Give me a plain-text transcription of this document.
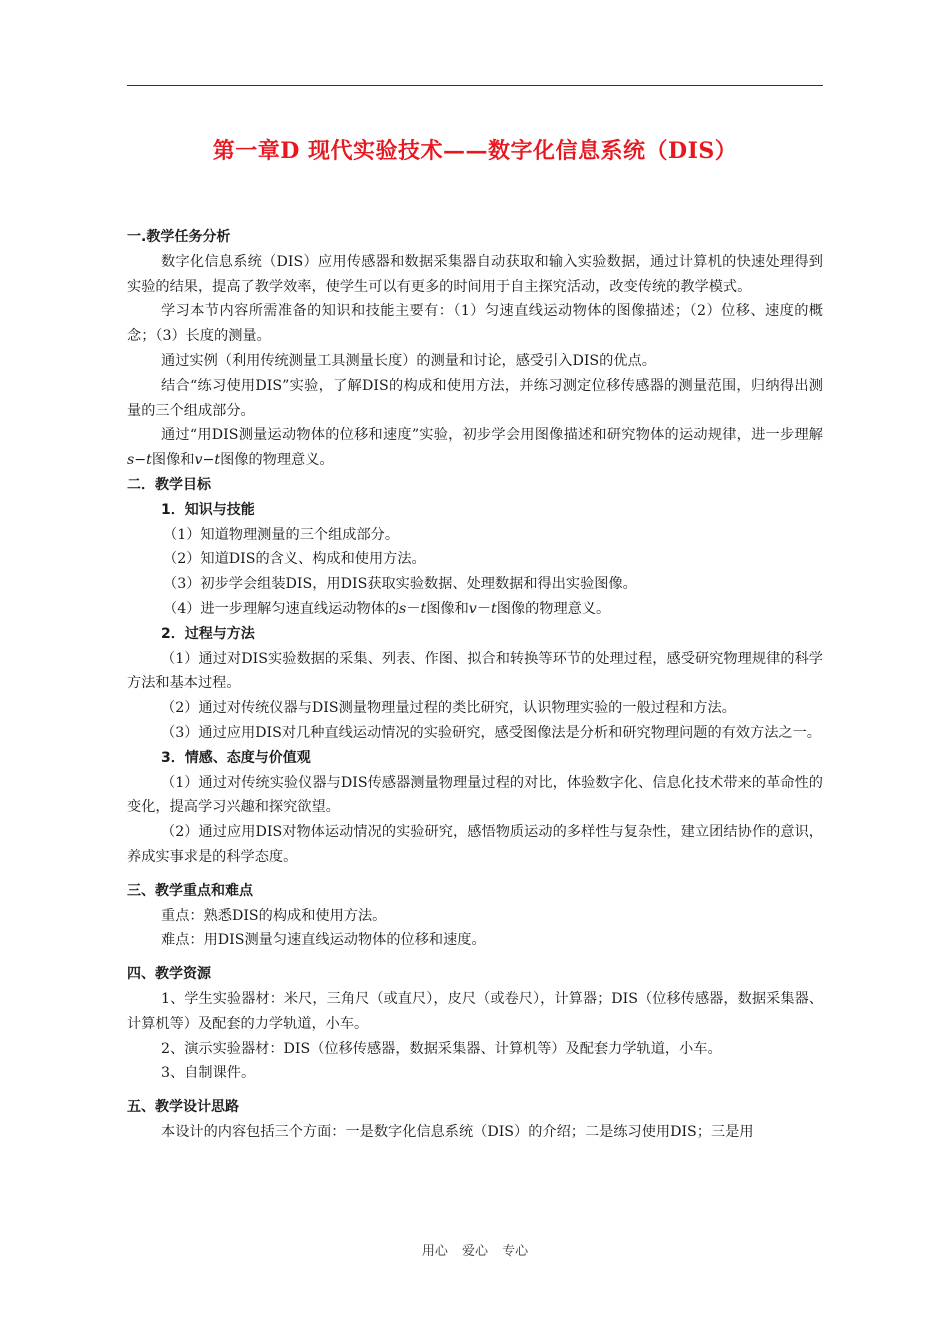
第一章D 现代实验技术——数字化信息系统（DIS）

一.教学任务分析

数字化信息系统（DIS）应用传感器和数据采集器自动获取和输入实验数据，通过计算机的快速处理得到实验的结果，提高了教学效率，使学生可以有更多的时间用于自主探究活动，改变传统的教学模式。

学习本节内容所需准备的知识和技能主要有：（1）匀速直线运动物体的图像描述；（2）位移、速度的概念；（3）长度的测量。

通过实例（利用传统测量工具测量长度）的测量和讨论，感受引入DIS的优点。

结合“练习使用DIS”实验，了解DIS的构成和使用方法，并练习测定位移传感器的测量范围，归纳得出测量的三个组成部分。

通过“用DIS测量运动物体的位移和速度”实验，初步学会用图像描述和研究物体的运动规律，进一步理解s−t图像和v−t图像的物理意义。

二．教学目标

1．知识与技能

（1）知道物理测量的三个组成部分。

（2）知道DIS的含义、构成和使用方法。

（3）初步学会组装DIS，用DIS获取实验数据、处理数据和得出实验图像。

（4）进一步理解匀速直线运动物体的s－t图像和v－t图像的物理意义。

2．过程与方法

（1）通过对DIS实验数据的采集、列表、作图、拟合和转换等环节的处理过程，感受研究物理规律的科学方法和基本过程。

（2）通过对传统仪器与DIS测量物理量过程的类比研究，认识物理实验的一般过程和方法。

（3）通过应用DIS对几种直线运动情况的实验研究，感受图像法是分析和研究物理问题的有效方法之一。

3．情感、态度与价值观

（1）通过对传统实验仪器与DIS传感器测量物理量过程的对比，体验数字化、信息化技术带来的革命性的变化，提高学习兴趣和探究欲望。

（2）通过应用DIS对物体运动情况的实验研究，感悟物质运动的多样性与复杂性，建立团结协作的意识，养成实事求是的科学态度。

三、教学重点和难点

重点：熟悉DIS的构成和使用方法。

难点：用DIS测量匀速直线运动物体的位移和速度。

四、教学资源

1、学生实验器材：米尺，三角尺（或直尺），皮尺（或卷尺），计算器；DIS（位移传感器，数据采集器、计算机等）及配套的力学轨道，小车。

2、演示实验器材：DIS（位移传感器，数据采集器、计算机等）及配套力学轨道，小车。

3、自制课件。

五、教学设计思路

本设计的内容包括三个方面：一是数字化信息系统（DIS）的介绍；二是练习使用DIS；三是用

用心 爱心 专心
